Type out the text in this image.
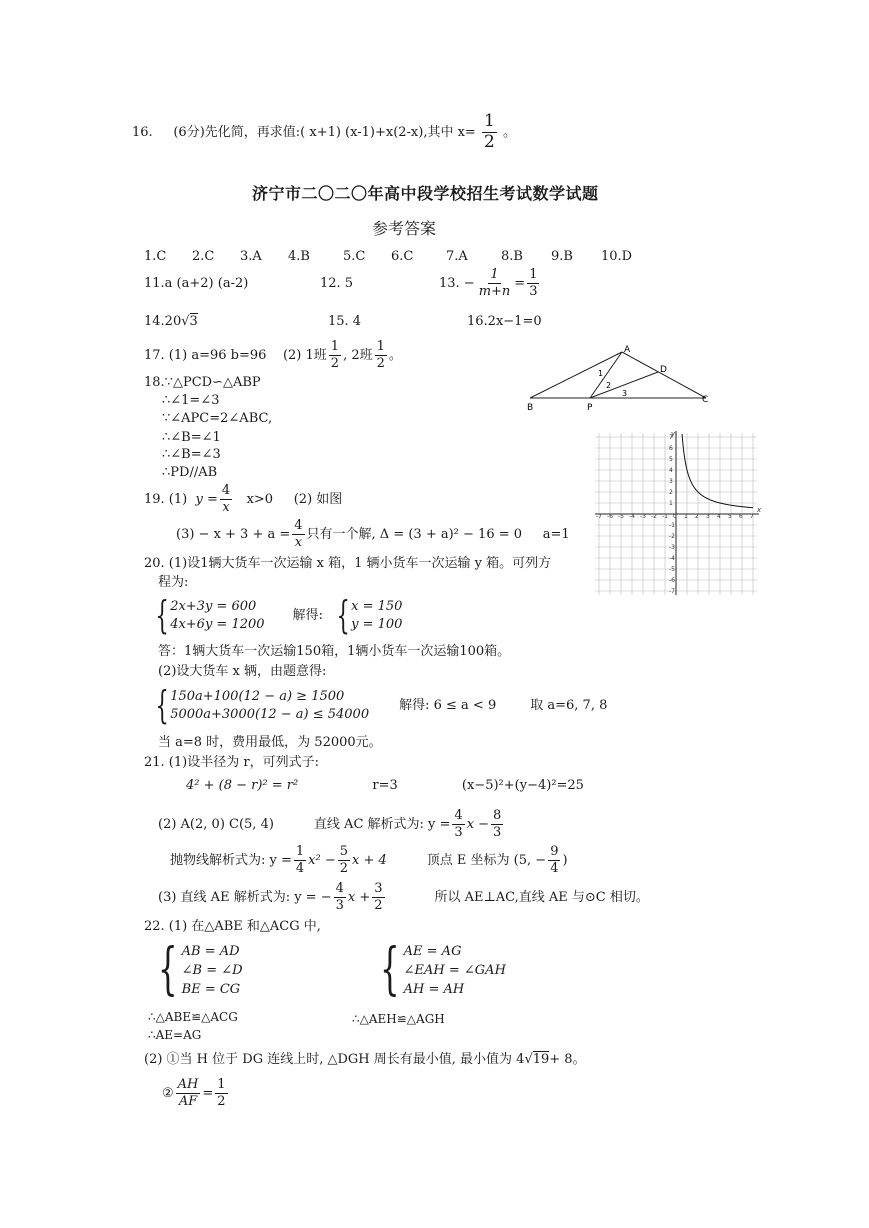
16. (6分)先化简，再求值:( x+1) (x-1)+x(2-x),其中 $x= \frac{1}{2}$ 。
济宁市二〇二〇年高中段学校招生考试数学试题
参考答案
1.C	2.C	3.A	4.B	5.C	6.C	7.A	8.B	9.B	10.D
11.a (a+2) (a-2)	12. 5	13. − $\frac{1}{m+n} = \frac{1}{3}$
14.20√3	15. 4	16.2x−1=0
17. (1) a=96 b=96
(2) 1班 $\frac{1}{2}$ , 2班 $\frac{1}{2}$ 。	A
B
C
D
P
1
2
3
18.∵△PCD∽△ABP
∴∠1=∠3
∵∠APC=2∠ABC,
∴∠B=∠1
∴∠B=∠3
∴PD//AB
-7 -6 -5 -4 -3 -2 -1 0 1 2 3 4 5 6 7
7
6
5
4
3
2
1
-1
-2
-3
-4
-5
-6
-7
y
x
19. (1)
$y = \frac{4}{x}$
x>0
(2) 如图
$(3) - x + 3 + a = \frac{4}{x}$ 只有一个解, Δ = (3 + a)² − 16 = 0
a=1
20. (1)设1辆大货车一次运输 x 箱，1 辆小货车一次运输 y 箱。可列方
程为:
{ 2x+3y = 600
4x+6y = 1200
解得: { x = 150
y = 100
答：1辆大货车一次运输150箱，1辆小货车一次运输100箱。
(2)设大货车 x 辆，由题意得:
{ 150a+100(12 − a) ≥ 1500
5000a+3000(12 − a) ≤ 54000
解得: 6 ≤ a < 9	取 a=6, 7, 8
当 a=8 时，费用最低，为 52000元。
21. (1)设半径为 r，可列式子:
4² + (8 − r)² = r²	r=3	(x−5)²+(y−4)²=25
(2) A(2, 0) C(5, 4)	直线 AC 解析式为: $y = \frac{4}{3}$ $x - \frac{8}{3}$
抛物线解析式为: $y = \frac{1}{4} x^2 - \frac{5}{2}$ x + 4	顶点 E 坐标为 (5, − $\frac{9}{4}$ )
(3) 直线 AE 解析式为: y = − $\frac{4}{3}$ $x + \frac{3}{2}$	所以 AE⊥AC,直线 AE 与⊙C 相切。
22. (1) 在△ABE 和△ACG 中,
{ AB = AD
∠B = ∠D
BE = CG { AE = AG
∠EAH = ∠GAH
AH = AH
∴△ABE≌△ACG
∴AE=AG
∴△AEH≌△AGH
(2) ①当 H 位于 DG 连线上时, △DGH 周长有最小值, 最小值为 4√19+ 8。
② $\frac{AH}{AF} = \frac{1}{2}$
